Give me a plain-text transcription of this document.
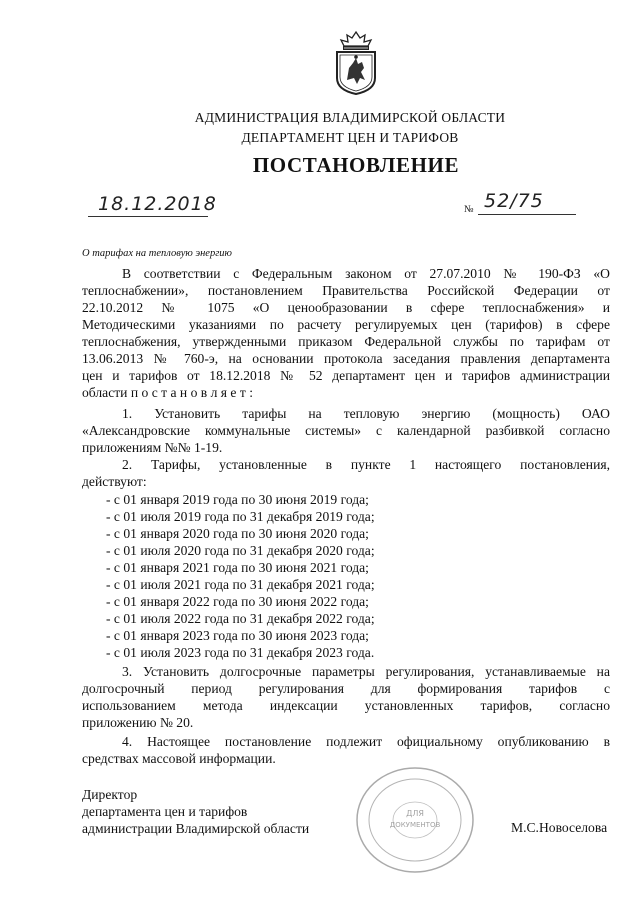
АДМИНИСТРАЦИЯ ВЛАДИМИРСКОЙ ОБЛАСТИ
ДЕПАРТАМЕНТ ЦЕН И ТАРИФОВ
ПОСТАНОВЛЕНИЕ
18.12.2018	№ 52/75
О тарифах на тепловую энергию
В соответствии с Федеральным законом от 27.07.2010 № 190-ФЗ «О
теплоснабжении», постановлением Правительства Российской Федерации от
22.10.2012 № 1075 «О ценообразовании в сфере теплоснабжения» и
Методическими указаниями по расчету регулируемых цен (тарифов) в сфере
теплоснабжения, утвержденными приказом Федеральной службы по тарифам от
13.06.2013 № 760-э, на основании протокола заседания правления департамента
цен и тарифов от 18.12.2018 № 52 департамент цен и тарифов администрации
области п о с т а н о в л я е т :
1. Установить тарифы на тепловую энергию (мощность) ОАО
«Александровские коммунальные системы» с календарной разбивкой согласно
приложениям №№ 1-19.
2. Тарифы, установленные в пункте 1 настоящего постановления,
действуют:
- с 01 января 2019 года по 30 июня 2019 года;
- с 01 июля 2019 года по 31 декабря 2019 года;
- с 01 января 2020 года по 30 июня 2020 года;
- с 01 июля 2020 года по 31 декабря 2020 года;
- с 01 января 2021 года по 30 июня 2021 года;
- с 01 июля 2021 года по 31 декабря 2021 года;
- с 01 января 2022 года по 30 июня 2022 года;
- с 01 июля 2022 года по 31 декабря 2022 года;
- с 01 января 2023 года по 30 июня 2023 года;
- с 01 июля 2023 года по 31 декабря 2023 года.
3. Установить долгосрочные параметры регулирования, устанавливаемые на
долгосрочный период регулирования для формирования тарифов с
использованием метода индексации установленных тарифов, согласно
приложению № 20.
4. Настоящее постановление подлежит официальному опубликованию в
средствах массовой информации.
ДЛЯ
ДОКУМЕНТОВ
Директор
департамента цен и тарифов
администрации Владимирской области	М.С.Новоселова
